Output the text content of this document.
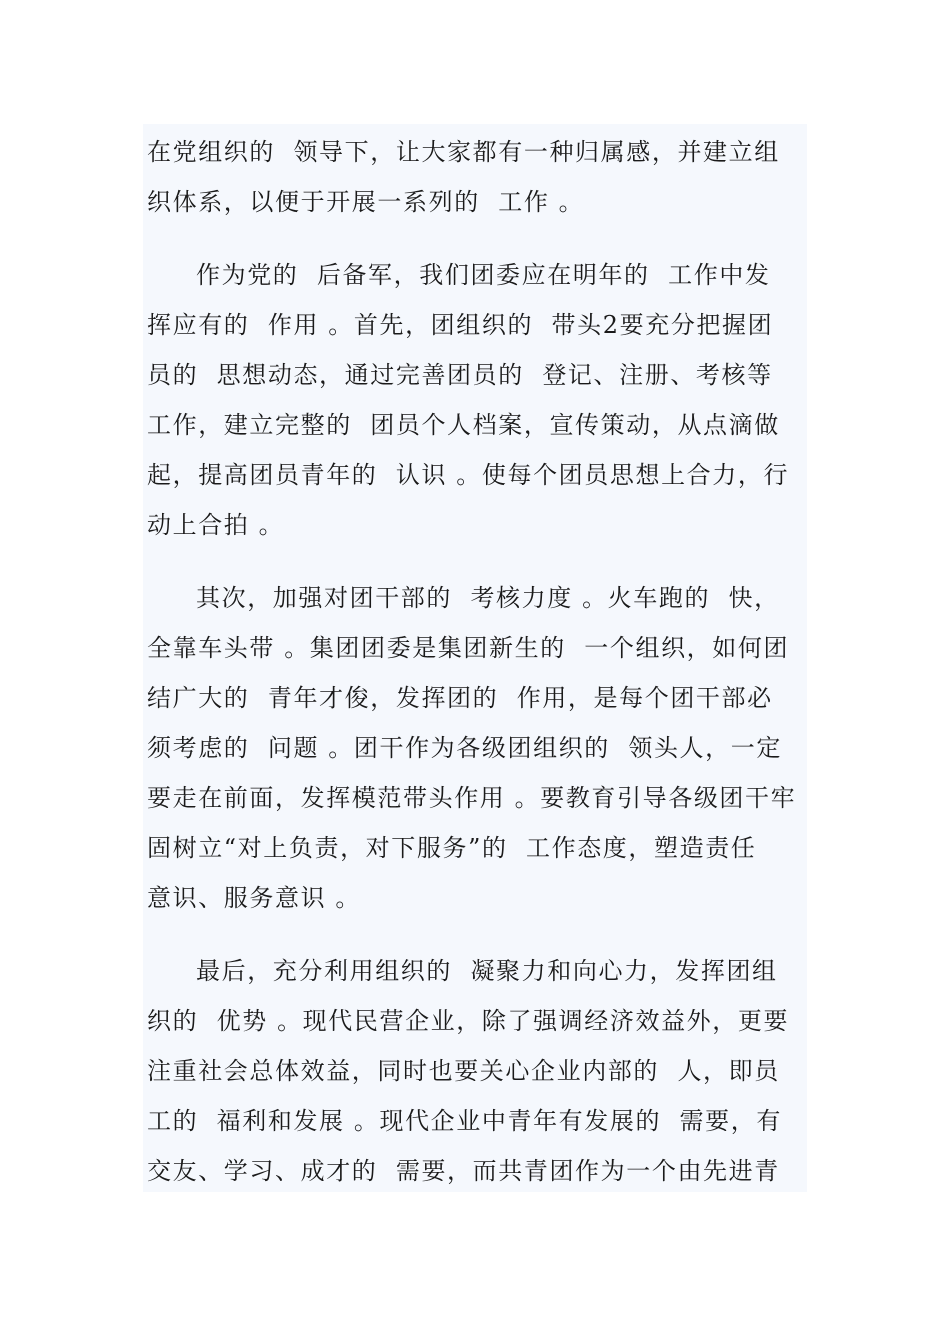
在党组织的  领导下，让大家都有一种归属感，并建立组
织体系，以便于开展一系列的  工作 。
作为党的  后备军，我们团委应在明年的  工作中发
挥应有的  作用 。首先，团组织的  带头2要充分把握团
员的  思想动态，通过完善团员的  登记、注册、考核等
工作，建立完整的  团员个人档案，宣传策动，从点滴做
起，提高团员青年的  认识 。使每个团员思想上合力，行
动上合拍 。
其次，加强对团干部的  考核力度 。火车跑的  快，
全靠车头带 。集团团委是集团新生的  一个组织，如何团
结广大的  青年才俊，发挥团的  作用，是每个团干部必
须考虑的  问题 。团干作为各级团组织的  领头人，一定
要走在前面，发挥模范带头作用 。要教育引导各级团干牢
固树立“对上负责，对下服务”的  工作态度，塑造责任
意识、服务意识 。
最后，充分利用组织的  凝聚力和向心力，发挥团组
织的  优势 。现代民营企业，除了强调经济效益外，更要
注重社会总体效益，同时也要关心企业内部的  人，即员
工的  福利和发展 。现代企业中青年有发展的  需要，有
交友、学习、成才的  需要，而共青团作为一个由先进青
